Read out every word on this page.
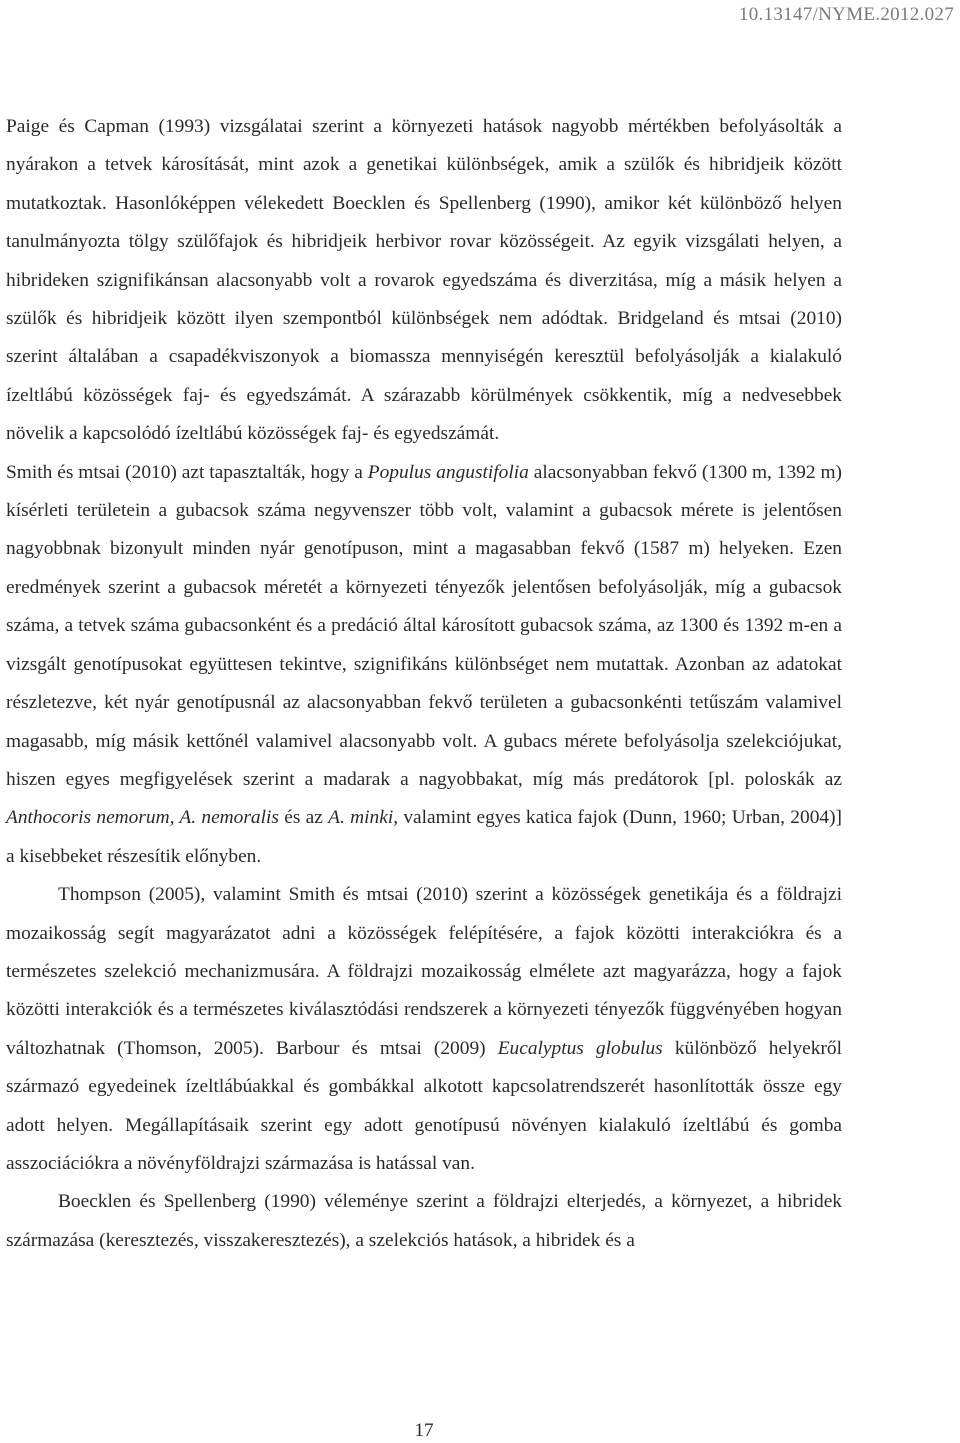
10.13147/NYME.2012.027

Paige és Capman (1993) vizsgálatai szerint a környezeti hatások nagyobb mértékben befolyásolták a nyárakon a tetvek károsítását, mint azok a genetikai különbségek, amik a szülők és hibridjeik között mutatkoztak. Hasonlóképpen vélekedett Boecklen és Spellenberg (1990), amikor két különböző helyen tanulmányozta tölgy szülőfajok és hibridjeik herbivor rovar közösségeit. Az egyik vizsgálati helyen, a hibrideken szignifikánsan alacsonyabb volt a rovarok egyedszáma és diverzitása, míg a másik helyen a szülők és hibridjeik között ilyen szempontból különbségek nem adódtak. Bridgeland és mtsai (2010) szerint általában a csapadékviszonyok a biomassza mennyiségén keresztül befolyásolják a kialakuló ízeltlábú közösségek faj- és egyedszámát. A szárazabb körülmények csökkentik, míg a nedvesebbek növelik a kapcsolódó ízeltlábú közösségek faj- és egyedszámát.

Smith és mtsai (2010) azt tapasztalták, hogy a Populus angustifolia alacsonyabban fekvő (1300 m, 1392 m) kísérleti területein a gubacsok száma negyvenszer több volt, valamint a gubacsok mérete is jelentősen nagyobbnak bizonyult minden nyár genotípuson, mint a magasabban fekvő (1587 m) helyeken. Ezen eredmények szerint a gubacsok méretét a környezeti tényezők jelentősen befolyásolják, míg a gubacsok száma, a tetvek száma gubacsonként és a predáció által károsított gubacsok száma, az 1300 és 1392 m-en a vizsgált genotípusokat együttesen tekintve, szignifikáns különbséget nem mutattak. Azonban az adatokat részletezve, két nyár genotípusnál az alacsonyabban fekvő területen a gubacsonkénti tetűszám valamivel magasabb, míg másik kettőnél valamivel alacsonyabb volt. A gubacs mérete befolyásolja szelekciójukat, hiszen egyes megfigyelések szerint a madarak a nagyobbakat, míg más predátorok [pl. poloskák az Anthocoris nemorum, A. nemoralis és az A. minki, valamint egyes katica fajok (Dunn, 1960; Urban, 2004)] a kisebbeket részesítik előnyben.

Thompson (2005), valamint Smith és mtsai (2010) szerint a közösségek genetikája és a földrajzi mozaikosság segít magyarázatot adni a közösségek felépítésére, a fajok közötti interakciókra és a természetes szelekció mechanizmusára. A földrajzi mozaikosság elmélete azt magyarázza, hogy a fajok közötti interakciók és a természetes kiválasztódási rendszerek a környezeti tényezők függvényében hogyan változhatnak (Thomson, 2005). Barbour és mtsai (2009) Eucalyptus globulus különböző helyekről származó egyedeinek ízeltlábúakkal és gombákkal alkotott kapcsolatrendszerét hasonlították össze egy adott helyen. Megállapításaik szerint egy adott genotípusú növényen kialakuló ízeltlábú és gomba asszociációkra a növényföldrajzi származása is hatással van.

Boecklen és Spellenberg (1990) véleménye szerint a földrajzi elterjedés, a környezet, a hibridek származása (keresztezés, visszakeresztezés), a szelekciós hatások, a hibridek és a

17
